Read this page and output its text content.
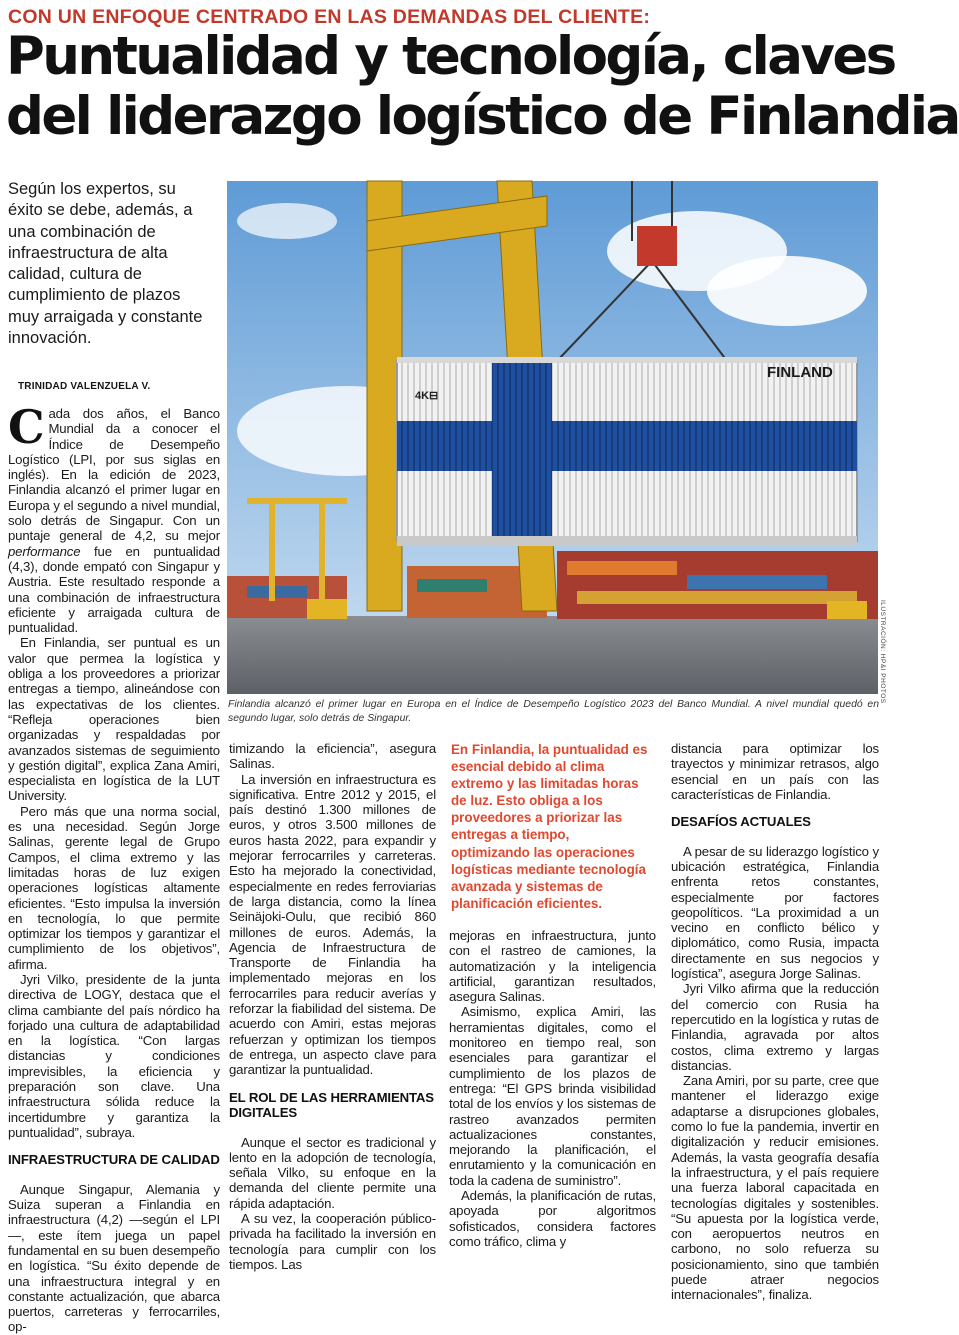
CON UN ENFOQUE CENTRADO EN LAS DEMANDAS DEL CLIENTE:
Puntualidad y tecnología, claves
del liderazgo logístico de Finlandia
Según los expertos, su
éxito se debe, además, a
una combinación de
infraestructura de alta
calidad, cultura de
cumplimiento de plazos
muy arraigada y constante
innovación.
TRINIDAD VALENZUELA V.

Cada dos años, el Banco Mundial da a conocer el Índice de Desempeño Logístico (LPI, por sus siglas en inglés). En la edición de 2023, Finlandia alcanzó el primer lugar en Europa y el segundo a nivel mundial, solo detrás de Singapur. Con un puntaje general de 4,2, su mejor performance fue en puntualidad (4,3), donde empató con Singapur y Austria. Este resultado responde a una combinación de infraestructura eficiente y arraigada cultura de puntualidad.

En Finlandia, ser puntual es un valor que permea la logística y obliga a los proveedores a priorizar entregas a tiempo, alineándose con las expectativas de los clientes. “Refleja operaciones bien organizadas y respaldadas por avanzados sistemas de seguimiento y gestión digital”, explica Zana Amiri, especialista en logística de la LUT University.

Pero más que una norma social, es una necesidad. Según Jorge Salinas, gerente legal de Grupo Campos, el clima extremo y las limitadas horas de luz exigen operaciones logísticas altamente eficientes. “Esto impulsa la inversión en tecnología, lo que permite optimizar los tiempos y garantizar el cumplimiento de los objetivos”, afirma.

Jyri Vilko, presidente de la junta directiva de LOGY, destaca que el clima cambiante del país nórdico ha forjado una cultura de adaptabilidad en la logística. “Con largas distancias y condiciones imprevisibles, la eficiencia y preparación son clave. Una infraestructura sólida reduce la incertidumbre y garantiza la puntualidad”, subraya.

INFRAESTRUCTURA DE CALIDAD

Aunque Singapur, Alemania y Suiza superan a Finlandia en infraestructura (4,2) —según el LPI—, este ítem juega un papel fundamental en su buen desempeño en logística. “Su éxito depende de una infraestructura integral y en constante actualización, que abarca puertos, carreteras y ferrocarriles, op-

FINLAND
4K⊟
ILUSTRACIÓN: HP&I PHOTOS
Finlandia alcanzó el primer lugar en Europa en el Índice de Desempeño Logístico 2023 del Banco Mundial. A nivel mundial quedó en segundo lugar, solo detrás de Singapur.

timizando la eficiencia”, asegura Salinas.

La inversión en infraestructura es significativa. Entre 2012 y 2015, el país destinó 1.300 millones de euros, y otros 3.500 millones de euros hasta 2022, para expandir y mejorar ferrocarriles y carreteras. Esto ha mejorado la conectividad, especialmente en redes ferroviarias de larga distancia, como la línea Seinäjoki-Oulu, que recibió 860 millones de euros. Además, la Agencia de Infraestructura de Transporte de Finlandia ha implementado mejoras en los ferrocarriles para reducir averías y reforzar la fiabilidad del sistema. De acuerdo con Amiri, estas mejoras refuerzan y optimizan los tiempos de entrega, un aspecto clave para garantizar la puntualidad.

EL ROL DE LAS HERRAMIENTAS DIGITALES

Aunque el sector es tradicional y lento en la adopción de tecnología, señala Vilko, su enfoque en la demanda del cliente permite una rápida adaptación.

A su vez, la cooperación público-privada ha facilitado la inversión en tecnología para cumplir con los tiempos. Las

En Finlandia, la puntualidad es
esencial debido al clima
extremo y las limitadas horas
de luz. Esto obliga a los
proveedores a priorizar las
entregas a tiempo,
optimizando las operaciones
logísticas mediante tecnología
avanzada y sistemas de
planificación eficientes.

mejoras en infraestructura, junto con el rastreo de camiones, la automatización y la inteligencia artificial, garantizan resultados, asegura Salinas.

Asimismo, explica Amiri, las herramientas digitales, como el monitoreo en tiempo real, son esenciales para garantizar el cumplimiento de los plazos de entrega: “El GPS brinda visibilidad total de los envíos y los sistemas de rastreo avanzados permiten actualizaciones constantes, mejorando la planificación, el enrutamiento y la comunicación en toda la cadena de suministro”.

Además, la planificación de rutas, apoyada por algoritmos sofisticados, considera factores como tráfico, clima y

distancia para optimizar los trayectos y minimizar retrasos, algo esencial en un país con las características de Finlandia.

DESAFÍOS ACTUALES

A pesar de su liderazgo logístico y ubicación estratégica, Finlandia enfrenta retos constantes, especialmente por factores geopolíticos. “La proximidad a un vecino en conflicto bélico y diplomático, como Rusia, impacta directamente en sus negocios y logística”, asegura Jorge Salinas.

Jyri Vilko afirma que la reducción del comercio con Rusia ha repercutido en la logística y rutas de Finlandia, agravada por altos costos, clima extremo y largas distancias.

Zana Amiri, por su parte, cree que mantener el liderazgo exige adaptarse a disrupciones globales, como lo fue la pandemia, invertir en digitalización y reducir emisiones. Además, la vasta geografía desafía la infraestructura, y el país requiere una fuerza laboral capacitada en tecnologías digitales y sostenibles. “Su apuesta por la logística verde, con aeropuertos neutros en carbono, no solo refuerza su posicionamiento, sino que también puede atraer negocios internacionales”, finaliza.
